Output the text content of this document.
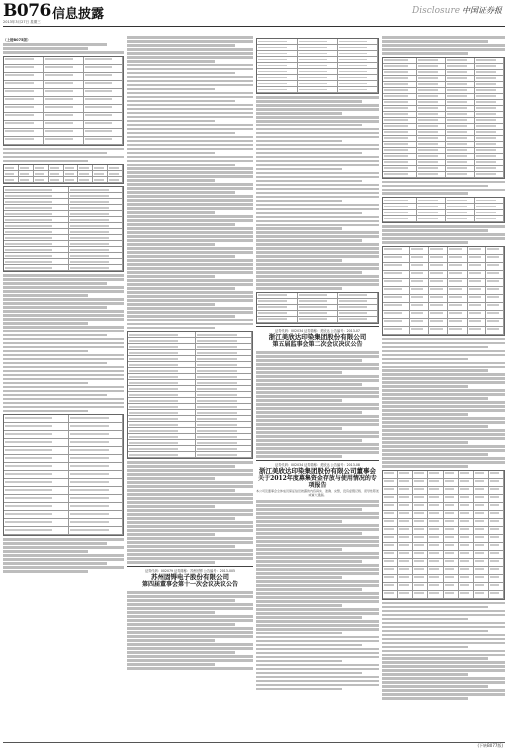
B076 信息披露
2013年3月27日 星期三
Disclosure 中国证券报
（上接B075版）
证券代码：002079 证券简称：苏州固锝 公告编号：2013-005
苏州固锝电子股份有限公司
第四届董事会第十一次会议决议公告
证券代码：002034 证券简称：美欣达 公告编号：2013-07
浙江美欣达印染集团股份有限公司
第五届监事会第二次会议决议公告
证券代码：002034 证券简称：美欣达 公告编号：2013-08
浙江美欣达印染集团股份有限公司董事会
关于2012年度募集资金存放与使用情况的专项报告
本公司及董事会全体成员保证信息披露的内容真实、准确、完整，没有虚假记载、误导性陈述或重大遗漏。
(下转B077版)
